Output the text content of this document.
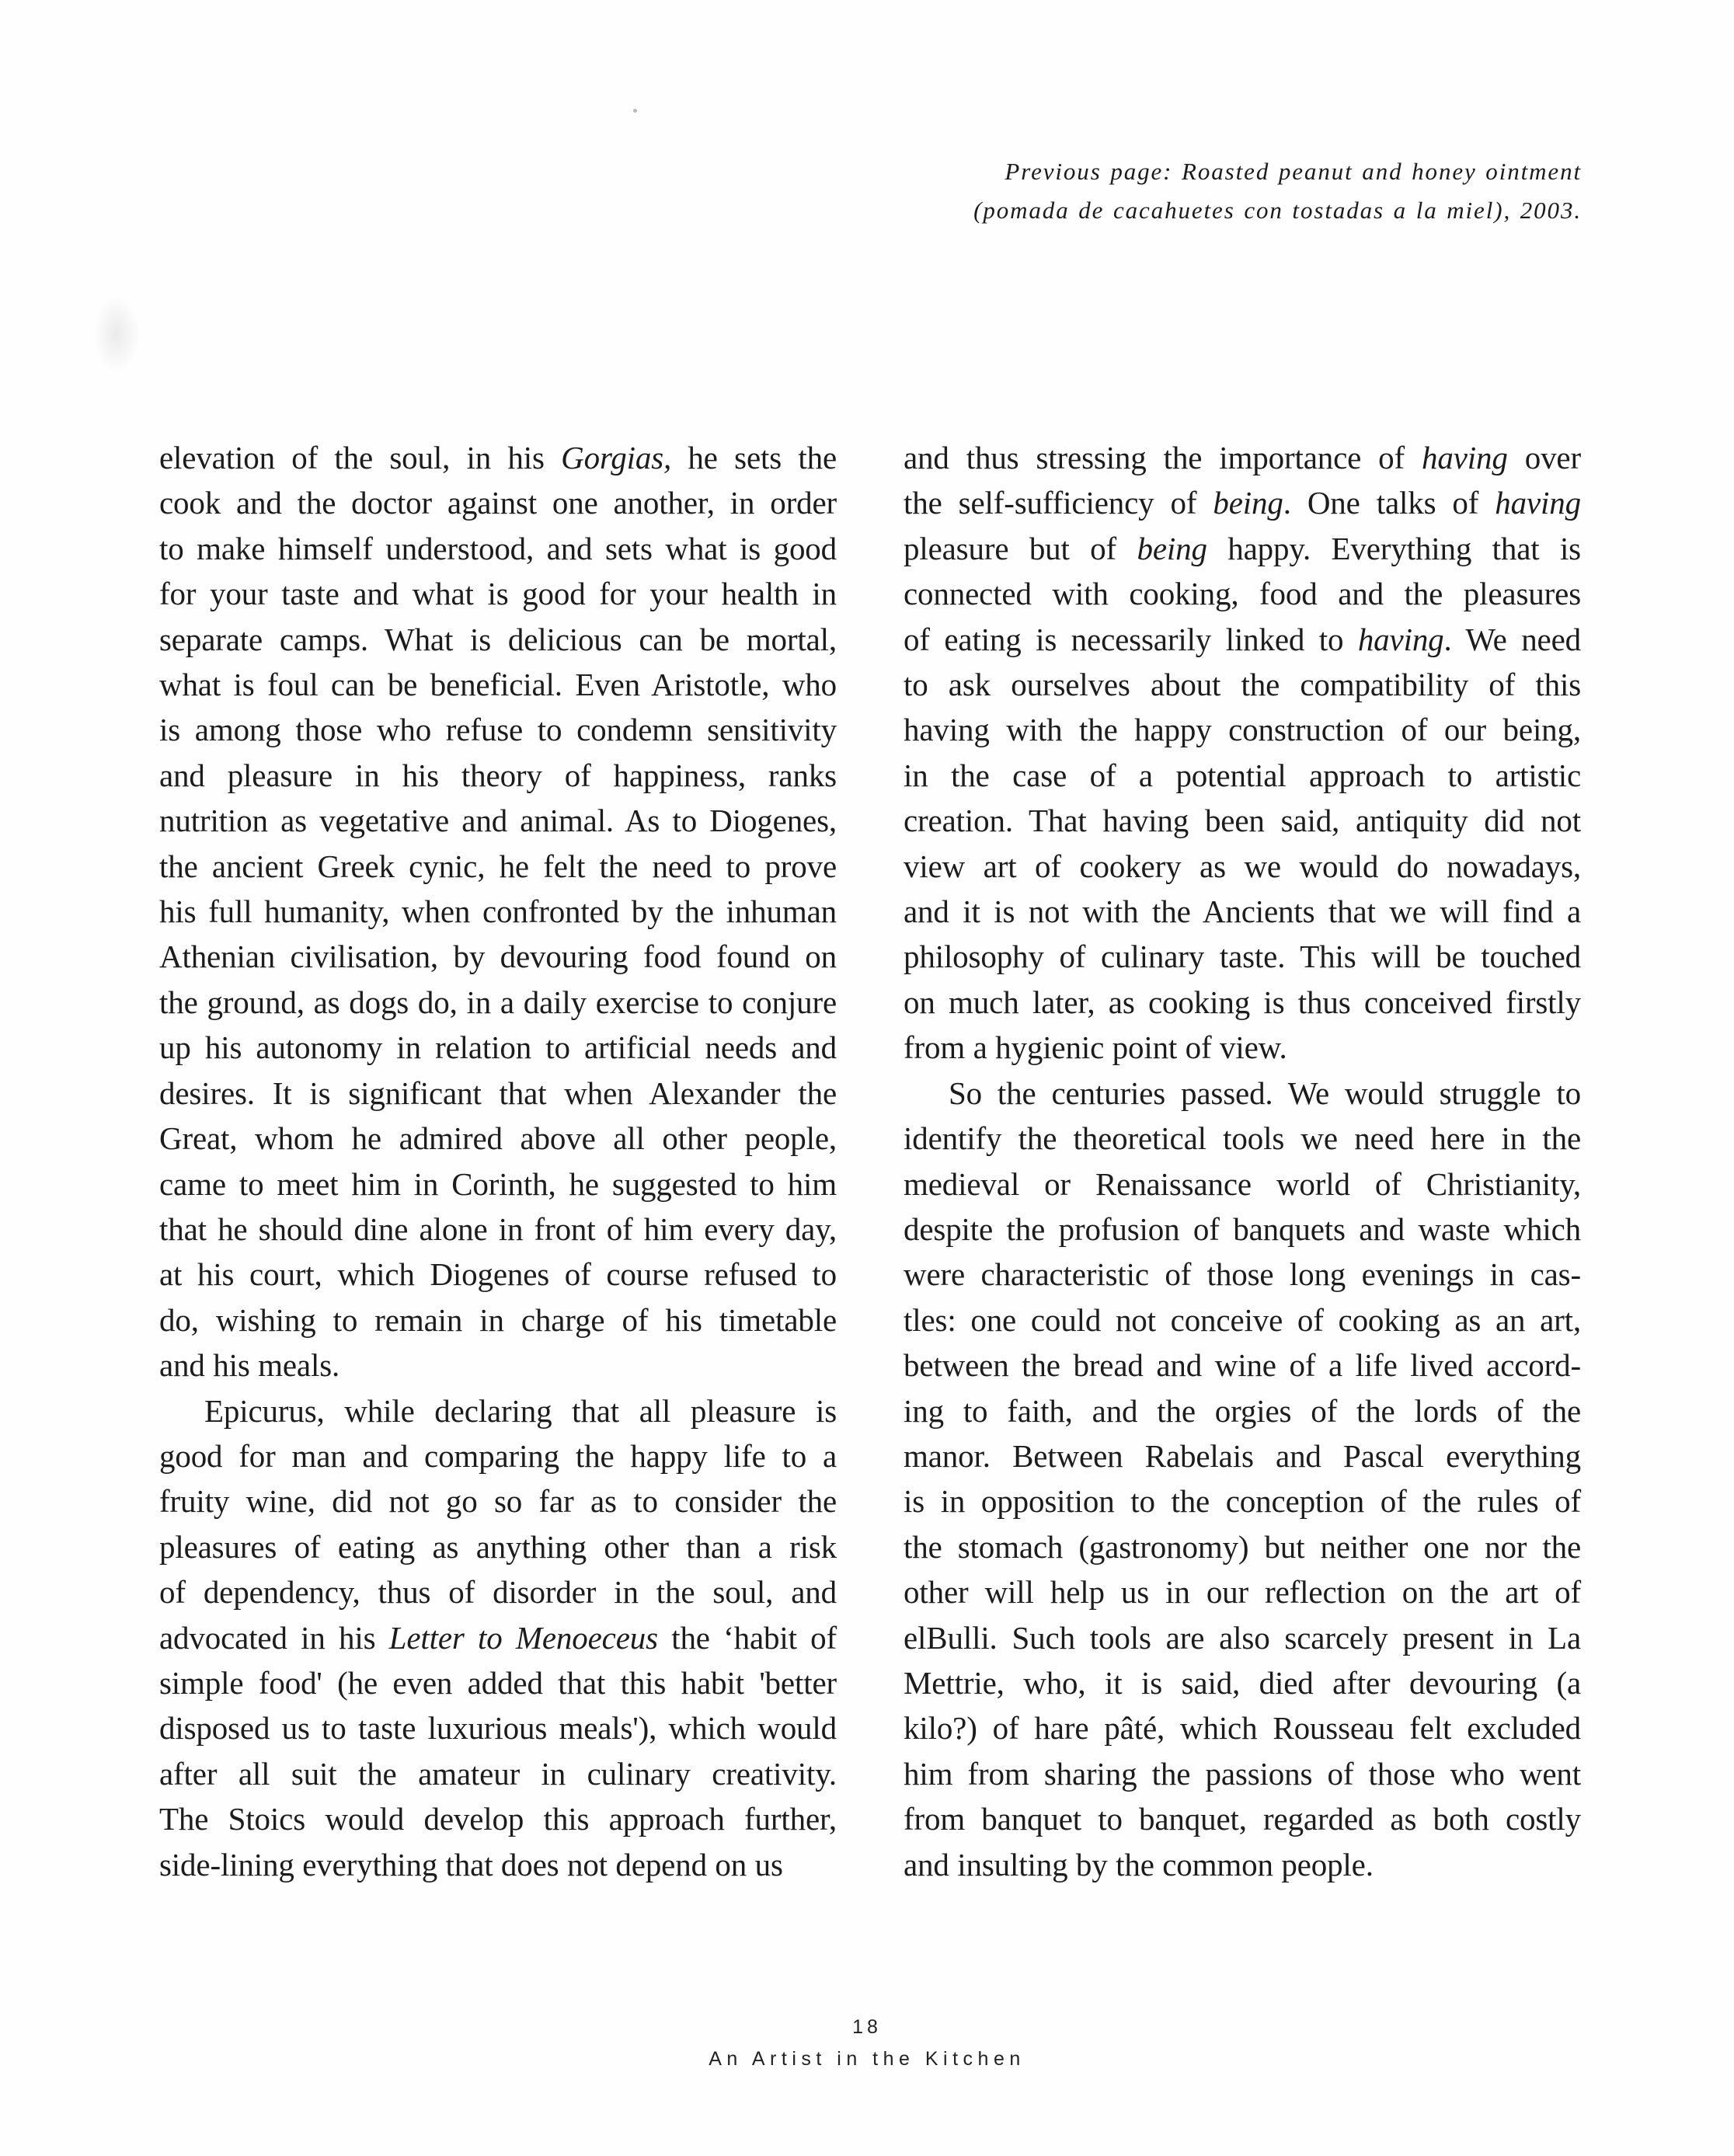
Previous page: Roasted peanut and honey ointment
(pomada de cacahuetes con tostadas a la miel), 2003.

elevation of the soul, in his Gorgias, he sets the
cook and the doctor against one another, in order
to make himself understood, and sets what is good
for your taste and what is good for your health in
separate camps. What is delicious can be mortal,
what is foul can be beneficial. Even Aristotle, who
is among those who refuse to condemn sensitivity
and pleasure in his theory of happiness, ranks
nutrition as vegetative and animal. As to Diogenes,
the ancient Greek cynic, he felt the need to prove
his full humanity, when confronted by the inhuman
Athenian civilisation, by devouring food found on
the ground, as dogs do, in a daily exercise to conjure
up his autonomy in relation to artificial needs and
desires. It is significant that when Alexander the
Great, whom he admired above all other people,
came to meet him in Corinth, he suggested to him
that he should dine alone in front of him every day,
at his court, which Diogenes of course refused to
do, wishing to remain in charge of his timetable
and his meals.

Epicurus, while declaring that all pleasure is
good for man and comparing the happy life to a
fruity wine, did not go so far as to consider the
pleasures of eating as anything other than a risk
of dependency, thus of disorder in the soul, and
advocated in his Letter to Menoeceus the ‘habit of
simple food' (he even added that this habit 'better
disposed us to taste luxurious meals'), which would
after all suit the amateur in culinary creativity.
The Stoics would develop this approach further,
side-lining everything that does not depend on us

and thus stressing the importance of having over
the self-sufficiency of being. One talks of having
pleasure but of being happy. Everything that is
connected with cooking, food and the pleasures
of eating is necessarily linked to having. We need
to ask ourselves about the compatibility of this
having with the happy construction of our being,
in the case of a potential approach to artistic
creation. That having been said, antiquity did not
view art of cookery as we would do nowadays,
and it is not with the Ancients that we will find a
philosophy of culinary taste. This will be touched
on much later, as cooking is thus conceived firstly
from a hygienic point of view.

So the centuries passed. We would struggle to
identify the theoretical tools we need here in the
medieval or Renaissance world of Christianity,
despite the profusion of banquets and waste which
were characteristic of those long evenings in cas-
tles: one could not conceive of cooking as an art,
between the bread and wine of a life lived accord-
ing to faith, and the orgies of the lords of the
manor. Between Rabelais and Pascal everything
is in opposition to the conception of the rules of
the stomach (gastronomy) but neither one nor the
other will help us in our reflection on the art of
elBulli. Such tools are also scarcely present in La
Mettrie, who, it is said, died after devouring (a
kilo?) of hare pâté, which Rousseau felt excluded
him from sharing the passions of those who went
from banquet to banquet, regarded as both costly
and insulting by the common people.

18
An Artist in the Kitchen
